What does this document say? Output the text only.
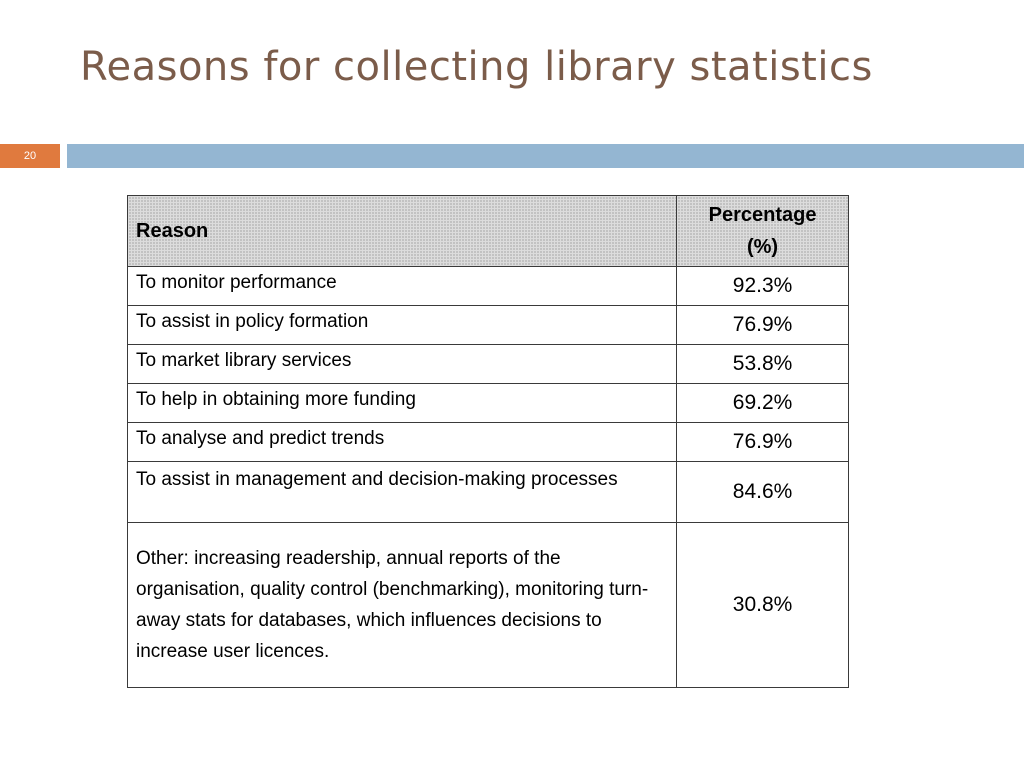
Reasons for collecting library statistics
20
Reason	Percentage
(%)
To monitor performance	92.3%
To assist in policy formation	76.9%
To market library services	53.8%
To help in obtaining more funding	69.2%
To analyse and predict trends	76.9%
To assist in management and decision-making processes	84.6%
Other: increasing readership, annual reports of the organisation, quality control (benchmarking), monitoring turn-away stats for databases, which influences decisions to increase user licences.	30.8%
